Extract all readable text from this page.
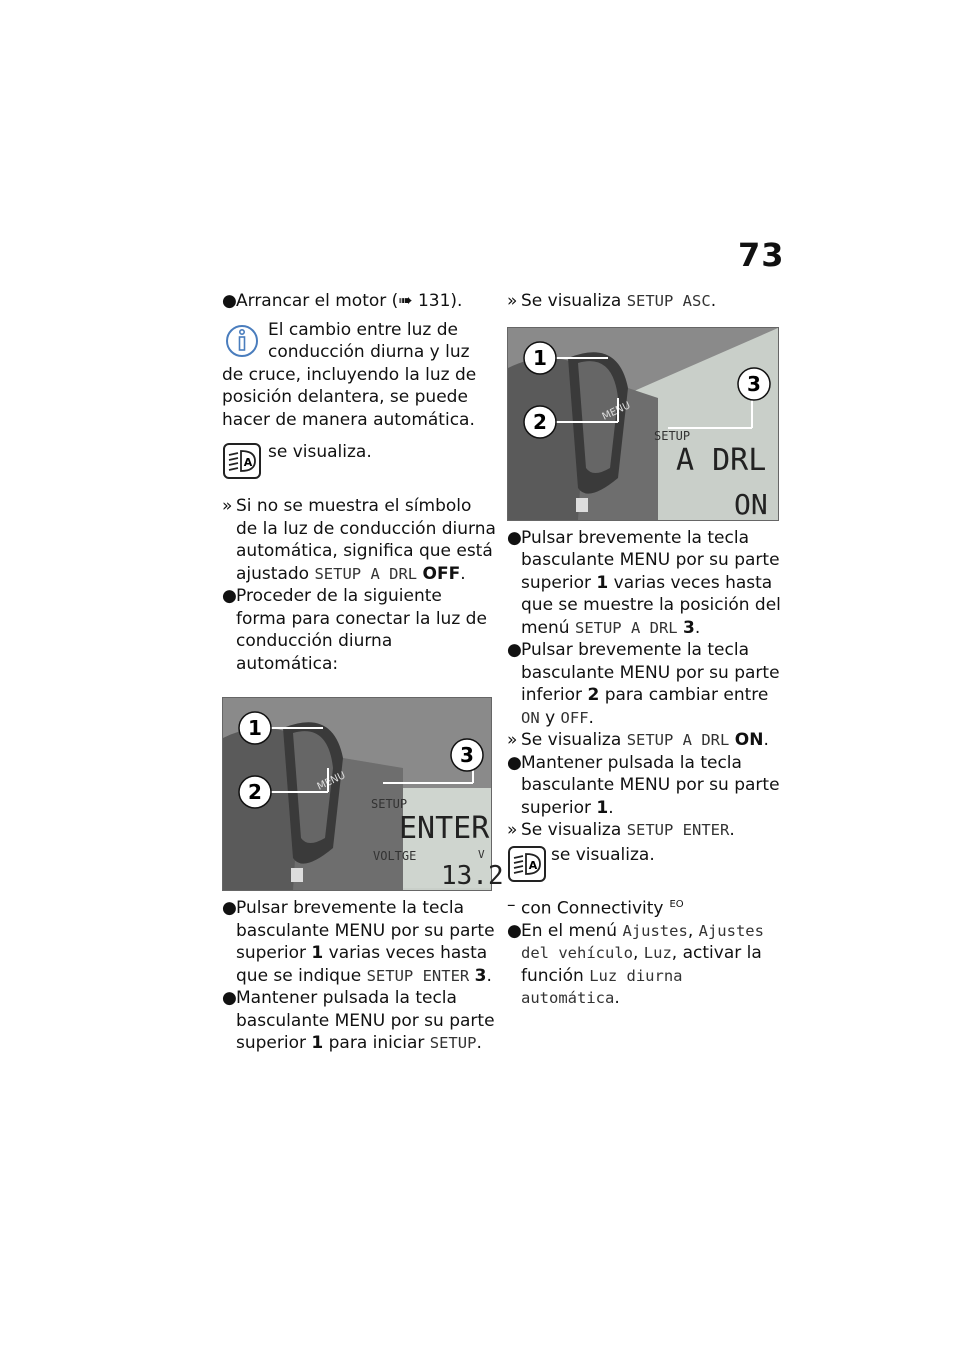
73
● Arrancar el motor (➠ 131).
El cambio entre luz de
conducción diurna y luz
de cruce, incluyendo la luz de posición delantera, se puede hacer de manera automática.
A
se visualiza.
» Si no se muestra el símbolo de la luz de conducción diurna automática, significa que está ajustado SETUP A DRL OFF.
● Proceder de la siguiente forma para conectar la luz de conducción diurna automática:
MENU
1
2
3
SETUP
ENTER
VOLTGE	V
13.2
● Pulsar brevemente la tecla basculante MENU por su parte superior 1 varias veces hasta que se indique SETUP ENTER 3.
● Mantener pulsada la tecla basculante MENU por su parte superior 1 para iniciar SETUP.
» Se visualiza SETUP ASC.
MENU
1
2
3
SETUP
A DRL
ON
● Pulsar brevemente la tecla basculante MENU por su parte superior 1 varias veces hasta que se muestre la posición del menú SETUP A DRL 3.
● Pulsar brevemente la tecla basculante MENU por su parte inferior 2 para cambiar entre ON y OFF.
» Se visualiza SETUP A DRL ON.
● Mantener pulsada la tecla basculante MENU por su parte superior 1.
» Se visualiza SETUP ENTER.
A
se visualiza.
– con Connectivity $^{EO}$
● En el menú Ajustes, Ajustes del vehículo, Luz, activar la función Luz diurna automática.
